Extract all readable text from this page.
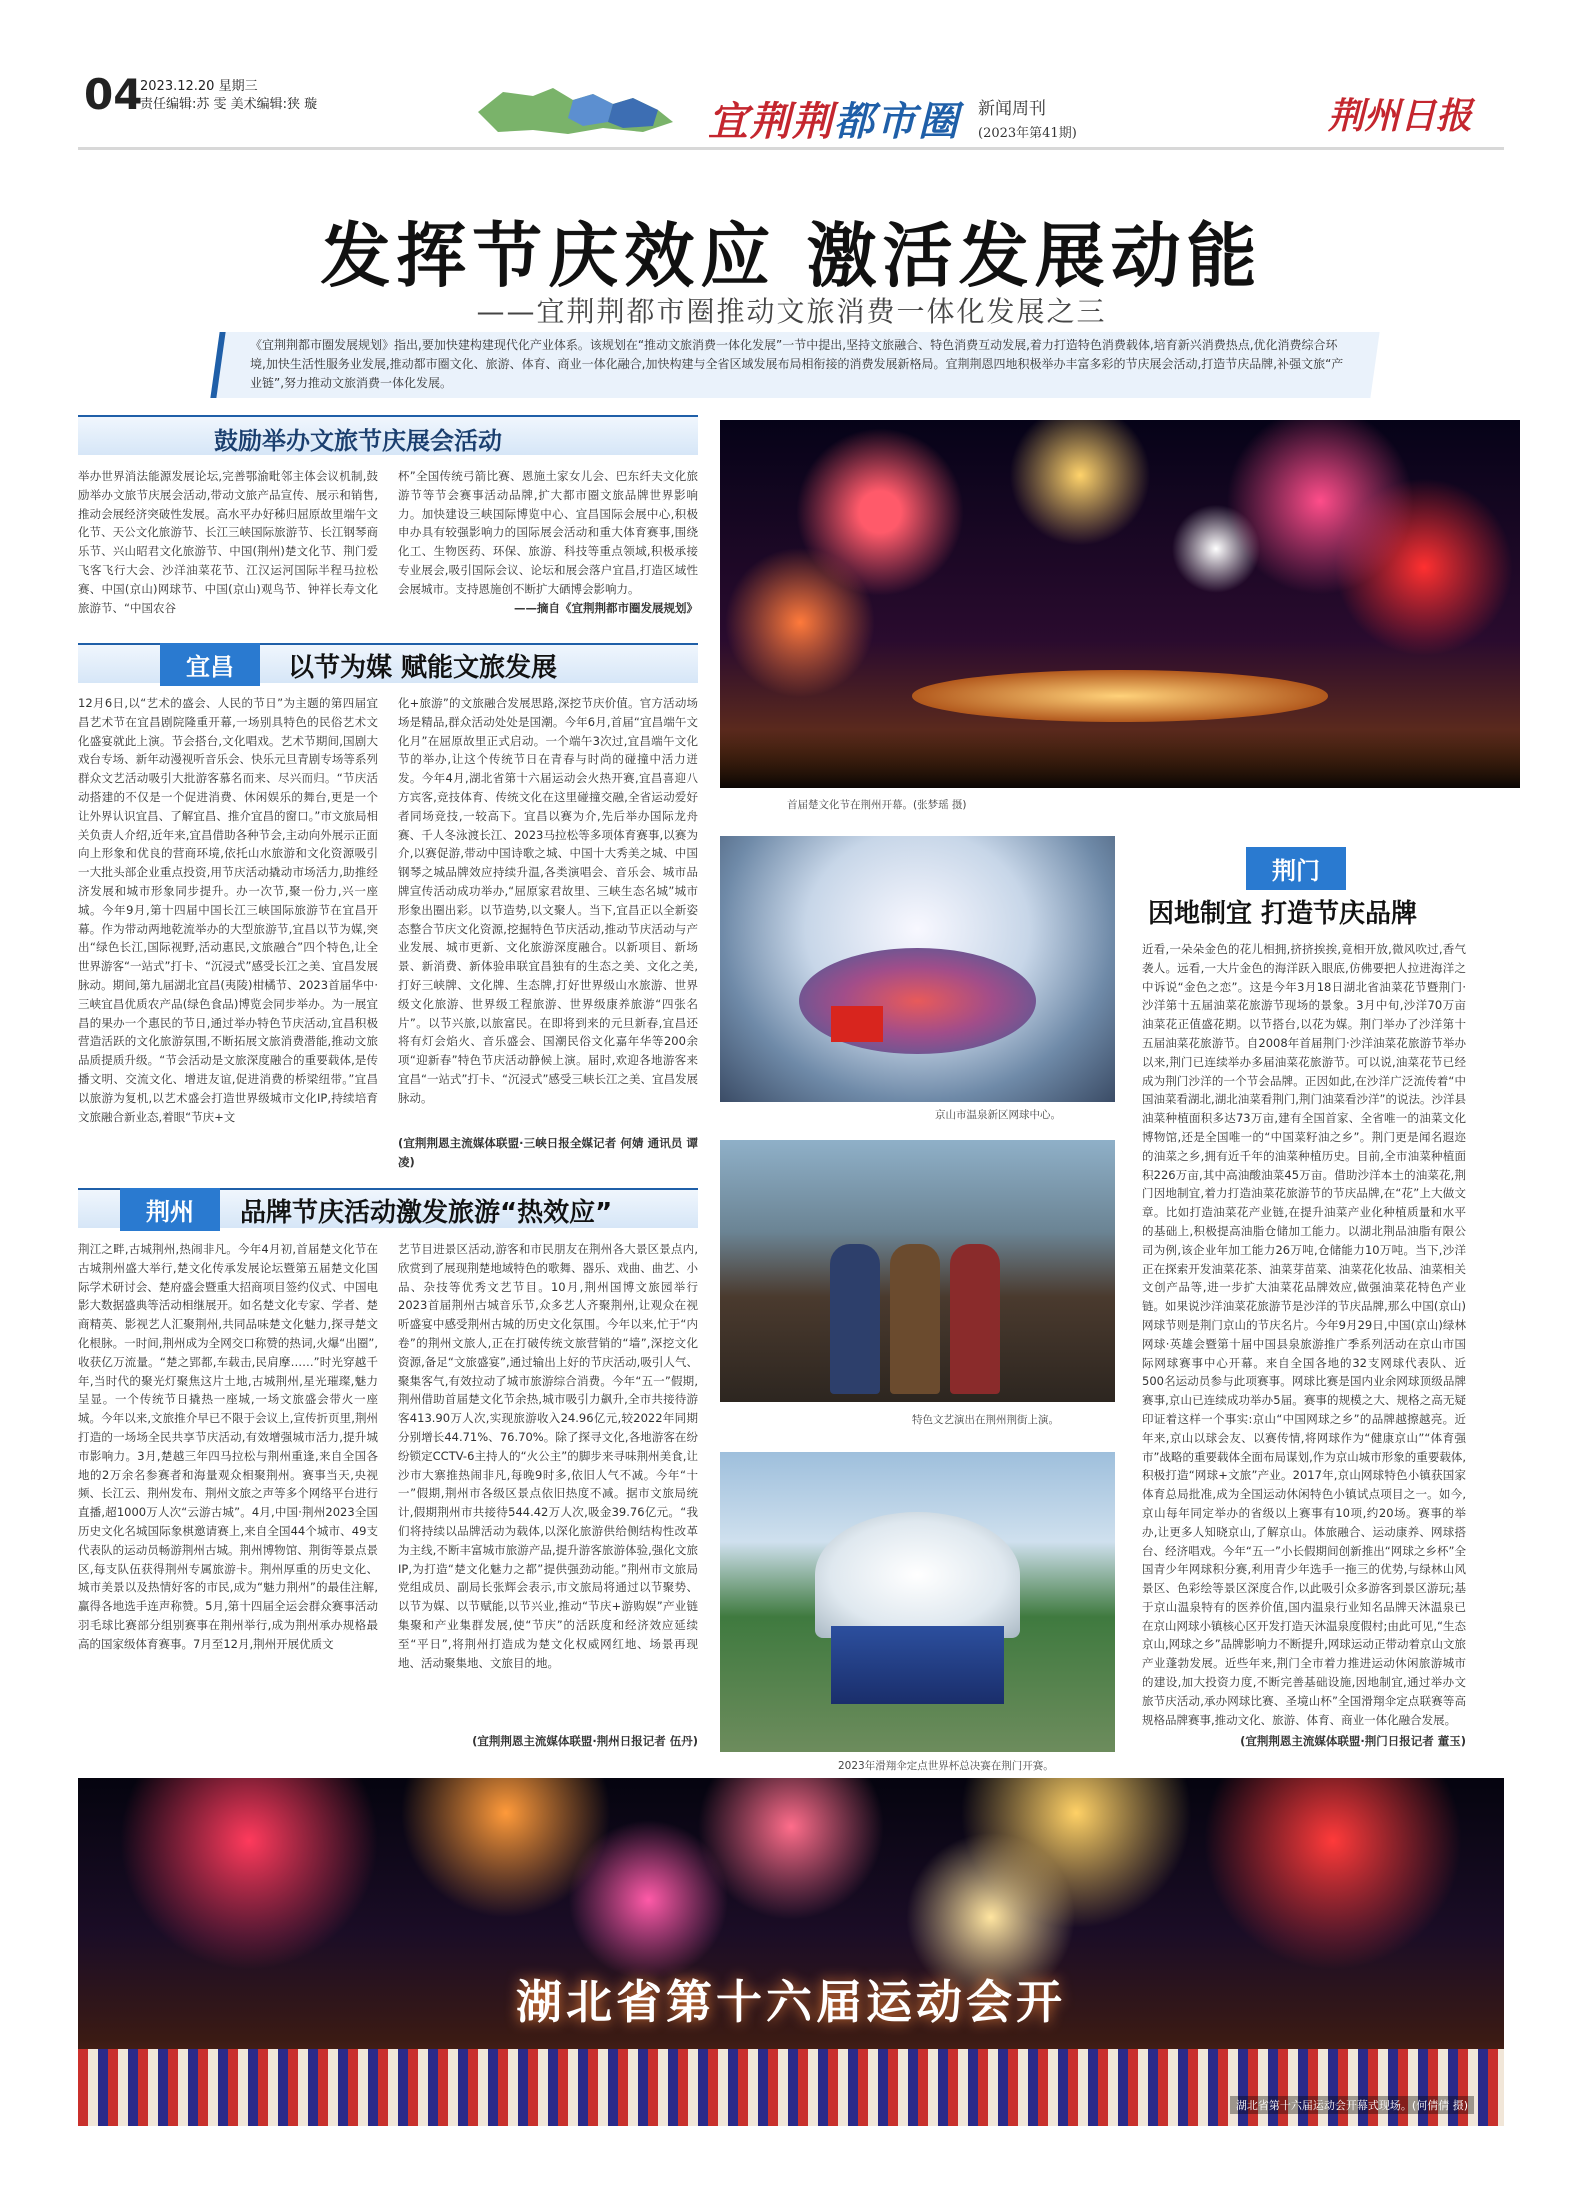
04
2023.12.20 星期三
责任编辑:苏 雯 美术编辑:狭 璇	宜荆荆都市圈 新闻周刊
(2023年第41期)	荆州日报
发挥节庆效应 激活发展动能
——宜荆荆都市圈推动文旅消费一体化发展之三
《宜荆荆都市圈发展规划》指出,要加快建构建现代化产业体系。该规划在“推动文旅消费一体化发展”一节中提出,坚持文旅融合、特色消费互动发展,着力打造特色消费载体,培育新兴消费热点,优化消费综合环境,加快生活性服务业发展,推动都市圈文化、旅游、体育、商业一体化融合,加快构建与全省区域发展布局相衔接的消费发展新格局。宜荆荆恩四地积极举办丰富多彩的节庆展会活动,打造节庆品牌,补强文旅“产业链”,努力推动文旅消费一体化发展。
鼓励举办文旅节庆展会活动
举办世界消法能源发展论坛,完善鄂渝毗邻主体会议机制,鼓励举办文旅节庆展会活动,带动文旅产品宣传、展示和销售,推动会展经济突破性发展。高水平办好秭归屈原故里端午文化节、天公文化旅游节、长江三峡国际旅游节、长江钢琴商乐节、兴山昭君文化旅游节、中国(荆州)楚文化节、荆门爱飞客飞行大会、沙洋油菜花节、江汉运河国际半程马拉松赛、中国(京山)网球节、中国(京山)观鸟节、钟祥长寿文化旅游节、“中国农谷
杯”全国传统弓箭比赛、恩施土家女儿会、巴东纤夫文化旅游节等节会赛事活动品牌,扩大都市圈文旅品牌世界影响力。加快建设三峡国际博览中心、宜昌国际会展中心,积极申办具有较强影响力的国际展会活动和重大体育赛事,围绕化工、生物医药、环保、旅游、科技等重点领域,积极承接专业展会,吸引国际会议、论坛和展会落户宜昌,打造区域性会展城市。支持恩施创不断扩大硒博会影响力。
——摘自《宜荆荆都市圈发展规划》
宜昌	以节为媒 赋能文旅发展
12月6日,以“艺术的盛会、人民的节日”为主题的第四届宜昌艺术节在宜昌剧院隆重开幕,一场别具特色的民俗艺术文化盛宴就此上演。节会搭台,文化唱戏。艺术节期间,国剧大戏台专场、新年动漫视听音乐会、快乐元旦青剧专场等系列群众文艺活动吸引大批游客慕名而来、尽兴而归。“节庆活动搭建的不仅是一个促进消费、休闲娱乐的舞台,更是一个让外界认识宜昌、了解宜昌、推介宜昌的窗口。”市文旅局相关负责人介绍,近年来,宜昌借助各种节会,主动向外展示正面向上形象和优良的营商环境,依托山水旅游和文化资源吸引一大批头部企业重点投资,用节庆活动撬动市场活力,助推经济发展和城市形象同步提升。办一次节,聚一份力,兴一座城。今年9月,第十四届中国长江三峡国际旅游节在宜昌开幕。作为带动两地乾流举办的大型旅游节,宜昌以节为媒,突出“绿色长江,国际视野,活动惠民,文旅融合”四个特色,让全世界游客“一站式”打卡、“沉浸式”感受长江之美、宜昌发展脉动。期间,第九届湖北宜昌(夷陵)柑橘节、2023首届华中·三峡宜昌优质农产品(绿色食品)博览会同步举办。为一展宜昌的果办一个惠民的节日,通过举办特色节庆活动,宜昌积极营造活跃的文化旅游氛围,不断拓展文旅消费潜能,推动文旅品质提质升级。“节会活动是文旅深度融合的重要载体,是传播文明、交流文化、增进友谊,促进消费的桥梁纽带。”宜昌以旅游为复机,以艺术盛会打造世界级城市文化IP,持续培育文旅融合新业态,着眼“节庆+文
化+旅游”的文旅融合发展思路,深挖节庆价值。官方活动场场是精品,群众活动处处是国潮。今年6月,首届“宜昌端午文化月”在屈原故里正式启动。一个端午3次过,宜昌端午文化节的举办,让这个传统节日在青春与时尚的碰撞中活力迸发。今年4月,湖北省第十六届运动会火热开赛,宜昌喜迎八方宾客,竞技体育、传统文化在这里碰撞交融,全省运动爱好者同场竞技,一较高下。宜昌以赛为介,先后举办国际龙舟赛、千人冬泳渡长江、2023马拉松等多项体育赛事,以赛为介,以赛促游,带动中国诗歌之城、中国十大秀美之城、中国钢琴之城品牌效应持续升温,各类演唱会、音乐会、城市品牌宣传活动成功举办,“屈原家君故里、三峡生态名城”城市形象出圈出彩。以节造势,以文聚人。当下,宜昌正以全新姿态整合节庆文化资源,挖掘特色节庆活动,推动节庆活动与产业发展、城市更新、文化旅游深度融合。以新项目、新场景、新消费、新体验串联宜昌独有的生态之美、文化之美,打好三峡牌、文化牌、生态牌,打好世界级山水旅游、世界级文化旅游、世界级工程旅游、世界级康养旅游“四张名片”。以节兴旅,以旅富民。在即将到来的元旦新春,宜昌还将有灯会焰火、音乐盛会、国潮民俗文化嘉年华等200余项“迎新春”特色节庆活动静候上演。届时,欢迎各地游客来宜昌“一站式”打卡、“沉浸式”感受三峡长江之美、宜昌发展脉动。
(宜荆荆恩主流媒体联盟·三峡日报全媒记者 何婧 通讯员 谭凌)
荆州	品牌节庆活动激发旅游“热效应”
荆江之畔,古城荆州,热闹非凡。今年4月初,首届楚文化节在古城荆州盛大举行,楚文化传承发展论坛暨第五届楚文化国际学术研讨会、楚府盛会暨重大招商项目签约仪式、中国电影大数据盛典等活动相继展开。如名楚文化专家、学者、楚商精英、影视艺人汇聚荆州,共同品味楚文化魅力,探寻楚文化根脉。一时间,荆州成为全网交口称赞的热词,火爆“出圈”,收获亿万流量。“楚之郢都,车载击,民肩摩……”时光穿越千年,当时代的聚光灯聚焦这片土地,古城荆州,星光璀璨,魅力呈显。一个传统节日撬热一座城,一场文旅盛会带火一座城。今年以来,文旅推介早已不限于会议上,宣传折页里,荆州打造的一场场全民共享节庆活动,有效增强城市活力,提升城市影响力。3月,楚越三年四马拉松与荆州重逢,来自全国各地的2万余名参赛者和海量观众相聚荆州。赛事当天,央视频、长江云、荆州发布、荆州文旅之声等多个网络平台进行直播,超1000万人次“云游古城”。4月,中国·荆州2023全国历史文化名城国际象棋邀请赛上,来自全国44个城市、49支代表队的运动员畅游荆州古城。荆州博物馆、荆街等景点景区,每支队伍获得荆州专属旅游卡。荆州厚重的历史文化、城市美景以及热情好客的市民,成为“魅力荆州”的最佳注解,赢得各地选手连声称赞。5月,第十四届全运会群众赛事活动羽毛球比赛部分组别赛事在荆州举行,成为荆州承办规格最高的国家级体育赛事。7月至12月,荆州开展优质文
艺节目进景区活动,游客和市民朋友在荆州各大景区景点内,欣赏到了展现荆楚地域特色的歌舞、器乐、戏曲、曲艺、小品、杂技等优秀文艺节目。10月,荆州国博文旅园举行2023首届荆州古城音乐节,众多艺人齐聚荆州,让观众在视听盛宴中感受荆州古城的历史文化氛围。今年以来,忙于“内卷”的荆州文旅人,正在打破传统文旅营销的“墙”,深挖文化资源,备足“文旅盛宴”,通过输出上好的节庆活动,吸引人气、聚集客气,有效拉动了城市旅游综合消费。今年“五一”假期,荆州借助首届楚文化节余热,城市吸引力飙升,全市共接待游客413.90万人次,实现旅游收入24.96亿元,较2022年同期分别增长44.71%、76.70%。除了探寻文化,各地游客在纷纷锁定CCTV-6主持人的“火公主”的脚步来寻味荆州美食,让沙市大寨推热闹非凡,每晚9时多,依旧人气不减。今年“十一”假期,荆州市各级区景点依旧热度不减。据市文旅局统计,假期荆州市共接待544.42万人次,吸金39.76亿元。“我们将持续以品牌活动为载体,以深化旅游供给侧结构性改革为主线,不断丰富城市旅游产品,提升游客旅游体验,强化文旅IP,为打造“楚文化魅力之都”提供强劲动能。”荆州市文旅局党组成员、副局长张辉会表示,市文旅局将通过以节聚势、以节为媒、以节赋能,以节兴业,推动“节庆+游购娱”产业链集聚和产业集群发展,使“节庆”的活跃度和经济效应延续至“平日”,将荆州打造成为楚文化权威网红地、场景再现地、活动聚集地、文旅目的地。
(宜荆荆恩主流媒体联盟·荆州日报记者 伍丹)
首届楚文化节在荆州开幕。(张梦瑶 摄)
京山市温泉新区网球中心。
特色文艺演出在荆州荆街上演。
2023年滑翔伞定点世界杯总决赛在荆门开赛。
荆门
因地制宜 打造节庆品牌
近看,一朵朵金色的花儿相拥,挤挤挨挨,竟相开放,微风吹过,香气袭人。远看,一大片金色的海洋跃入眼底,仿佛要把人拉进海洋之中诉说“金色之恋”。这是今年3月18日湖北省油菜花节暨荆门·沙洋第十五届油菜花旅游节现场的景象。3月中旬,沙洋70万亩油菜花正值盛花期。以节搭台,以花为媒。荆门举办了沙洋第十五届油菜花旅游节。自2008年首届荆门·沙洋油菜花旅游节举办以来,荆门已连续举办多届油菜花旅游节。可以说,油菜花节已经成为荆门沙洋的一个节会品牌。正因如此,在沙洋广泛流传着“中国油菜看湖北,湖北油菜看荆门,荆门油菜看沙洋”的说法。沙洋县油菜种植面积多达73万亩,建有全国首家、全省唯一的油菜文化博物馆,还是全国唯一的“中国菜籽油之乡”。荆门更是闻名遐迩的油菜之乡,拥有近千年的油菜种植历史。目前,全市油菜种植面积226万亩,其中高油酸油菜45万亩。借助沙洋本土的油菜花,荆门因地制宜,着力打造油菜花旅游节的节庆品牌,在“花”上大做文章。比如打造油菜花产业链,在提升油菜产业化种植质量和水平的基础上,积极提高油脂仓储加工能力。以湖北荆品油脂有限公司为例,该企业年加工能力26万吨,仓储能力10万吨。当下,沙洋正在探索开发油菜花茶、油菜芽苗菜、油菜花化妆品、油菜相关文创产品等,进一步扩大油菜花品牌效应,做强油菜花特色产业链。如果说沙洋油菜花旅游节是沙洋的节庆品牌,那么中国(京山)网球节则是荆门京山的节庆名片。今年9月29日,中国(京山)绿林网球·英雄会暨第十届中国县泉旅游推广季系列活动在京山市国际网球赛事中心开幕。来自全国各地的32支网球代表队、近500名运动员参与此项赛事。网球比赛是国内业余网球顶级品牌赛事,京山已连续成功举办5届。赛事的规模之大、规格之高无疑印证着这样一个事实:京山“中国网球之乡”的品牌越擦越亮。近年来,京山以球会友、以赛传情,将网球作为“健康京山”“体育强市”战略的重要载体全面布局谋划,作为京山城市形象的重要载体,积极打造“网球+文旅”产业。2017年,京山网球特色小镇获国家体育总局批准,成为全国运动休闲特色小镇试点项目之一。如今,京山每年同定举办的省级以上赛事有10项,约20场。赛事的举办,让更多人知晓京山,了解京山。体旅融合、运动康养、网球搭台、经济唱戏。今年“五一”小长假期间创新推出“网球之乡杯”全国青少年网球积分赛,利用青少年选手一拖三的优势,与绿林山风景区、色彩绘等景区深度合作,以此吸引众多游客到景区游玩;基于京山温泉特有的医养价值,国内温泉行业知名品牌天沐温泉已在京山网球小镇核心区开发打造天沐温泉度假村;由此可见,“生态京山,网球之乡”品牌影响力不断提升,网球运动正带动着京山文旅产业蓬勃发展。近些年来,荆门全市着力推进运动休闲旅游城市的建设,加大投资力度,不断完善基础设施,因地制宜,通过举办文旅节庆活动,承办网球比赛、圣境山杯”全国滑翔伞定点联赛等高规格品牌赛事,推动文化、旅游、体育、商业一体化融合发展。
(宜荆荆恩主流媒体联盟·荆门日报记者 董玉)
湖北省第十六届运动会开
湖北省第十六届运动会开幕式现场。(何倩倩 摄)
